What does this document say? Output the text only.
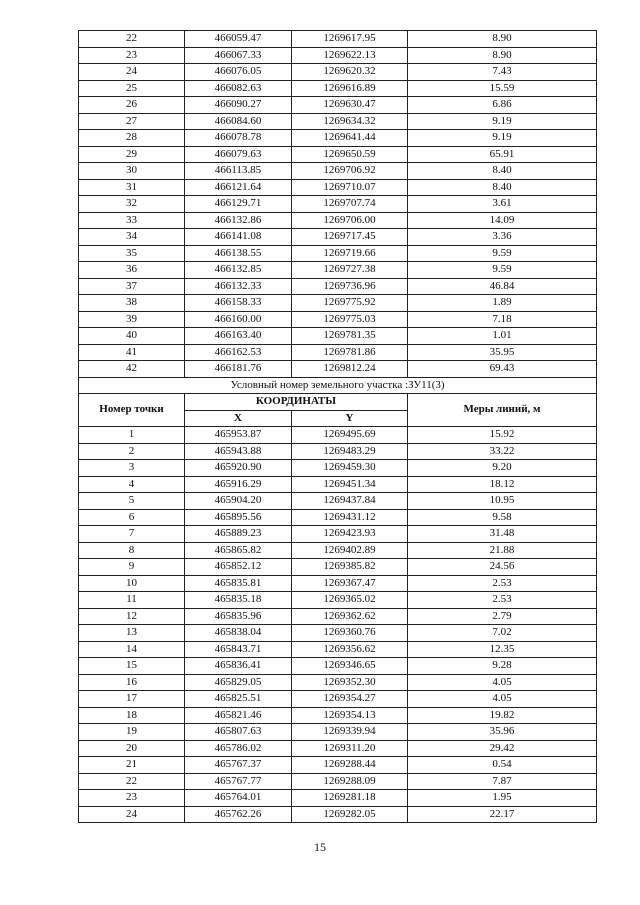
22	466059.47	1269617.95	8.90
23	466067.33	1269622.13	8.90
24	466076.05	1269620.32	7.43
25	466082.63	1269616.89	15.59
26	466090.27	1269630.47	6.86
27	466084.60	1269634.32	9.19
28	466078.78	1269641.44	9.19
29	466079.63	1269650.59	65.91
30	466113.85	1269706.92	8.40
31	466121.64	1269710.07	8.40
32	466129.71	1269707.74	3.61
33	466132.86	1269706.00	14.09
34	466141.08	1269717.45	3.36
35	466138.55	1269719.66	9.59
36	466132.85	1269727.38	9.59
37	466132.33	1269736.96	46.84
38	466158.33	1269775.92	1.89
39	466160.00	1269775.03	7.18
40	466163.40	1269781.35	1.01
41	466162.53	1269781.86	35.95
42	466181.76	1269812.24	69.43
Условный номер земельного участка :ЗУ11(3)			
Номер точки	КООРДИНАТЫ		Меры линий, м
	X	Y	
1	465953.87	1269495.69	15.92
2	465943.88	1269483.29	33.22
3	465920.90	1269459.30	9.20
4	465916.29	1269451.34	18.12
5	465904.20	1269437.84	10.95
6	465895.56	1269431.12	9.58
7	465889.23	1269423.93	31.48
8	465865.82	1269402.89	21.88
9	465852.12	1269385.82	24.56
10	465835.81	1269367.47	2.53
11	465835.18	1269365.02	2.53
12	465835.96	1269362.62	2.79
13	465838.04	1269360.76	7.02
14	465843.71	1269356.62	12.35
15	465836.41	1269346.65	9.28
16	465829.05	1269352.30	4.05
17	465825.51	1269354.27	4.05
18	465821.46	1269354.13	19.82
19	465807.63	1269339.94	35.96
20	465786.02	1269311.20	29.42
21	465767.37	1269288.44	0.54
22	465767.77	1269288.09	7.87
23	465764.01	1269281.18	1.95
24	465762.26	1269282.05	22.17
15
